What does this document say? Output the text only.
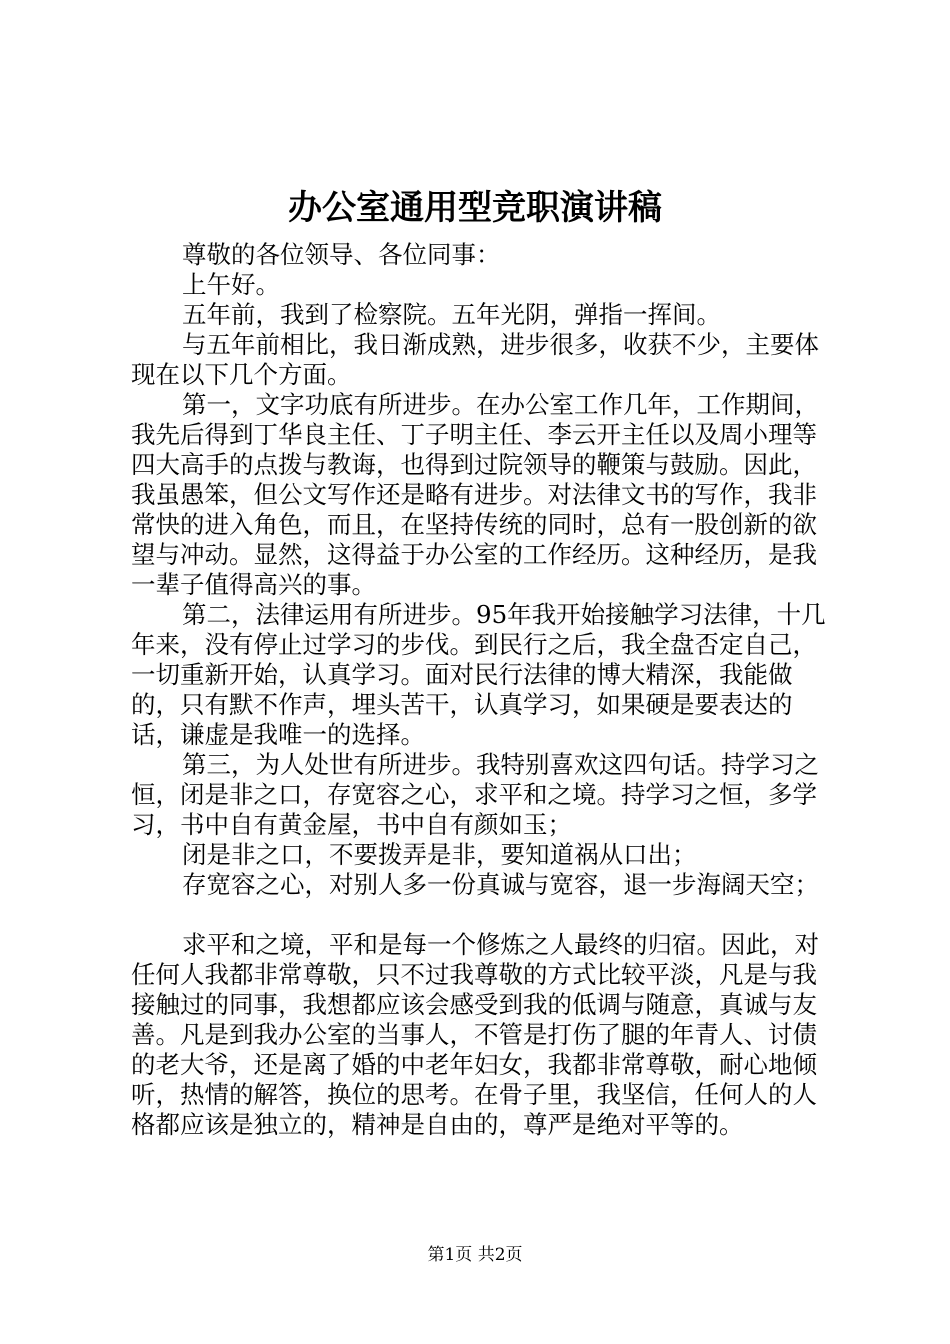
办公室通用型竞职演讲稿

尊敬的各位领导、各位同事：

上午好。

五年前，我到了检察院。五年光阴，弹指一挥间。

与五年前相比，我日渐成熟，进步很多，收获不少，主要体现在以下几个方面。

第一，文字功底有所进步。在办公室工作几年，工作期间，我先后得到丁华良主任、丁子明主任、李云开主任以及周小理等四大高手的点拨与教诲，也得到过院领导的鞭策与鼓励。因此，我虽愚笨，但公文写作还是略有进步。对法律文书的写作，我非常快的进入角色，而且，在坚持传统的同时，总有一股创新的欲望与冲动。显然，这得益于办公室的工作经历。这种经历，是我一辈子值得高兴的事。

第二，法律运用有所进步。95年我开始接触学习法律，十几年来，没有停止过学习的步伐。到民行之后，我全盘否定自己，一切重新开始，认真学习。面对民行法律的博大精深，我能做的，只有默不作声，埋头苦干，认真学习，如果硬是要表达的话，谦虚是我唯一的选择。

第三，为人处世有所进步。我特别喜欢这四句话。持学习之恒，闭是非之口，存宽容之心，求平和之境。持学习之恒，多学习，书中自有黄金屋，书中自有颜如玉；

闭是非之口，不要拨弄是非，要知道祸从口出；

存宽容之心，对别人多一份真诚与宽容，退一步海阔天空；

求平和之境，平和是每一个修炼之人最终的归宿。因此，对任何人我都非常尊敬，只不过我尊敬的方式比较平淡，凡是与我接触过的同事，我想都应该会感受到我的低调与随意，真诚与友善。凡是到我办公室的当事人，不管是打伤了腿的年青人、讨债的老大爷，还是离了婚的中老年妇女，我都非常尊敬，耐心地倾听，热情的解答，换位的思考。在骨子里，我坚信，任何人的人格都应该是独立的，精神是自由的，尊严是绝对平等的。

第1页 共2页
